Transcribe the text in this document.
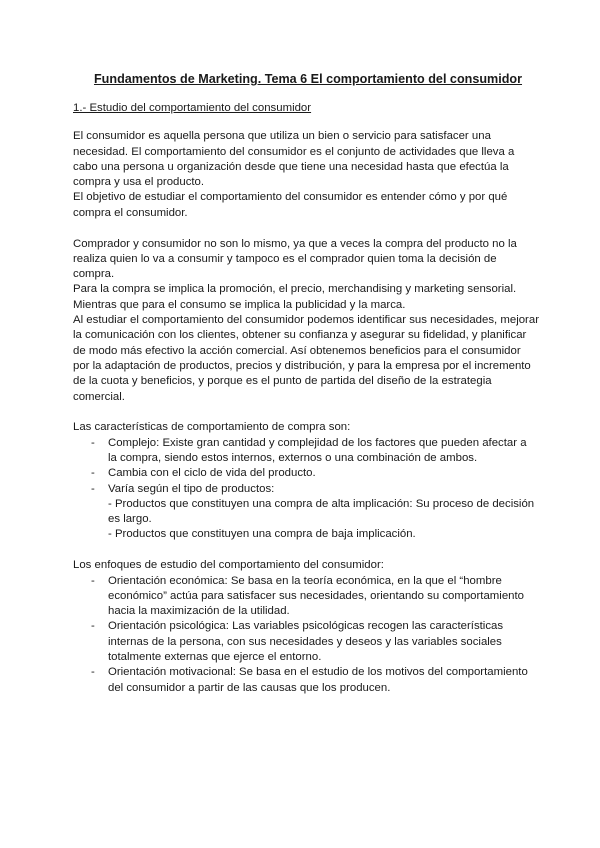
Fundamentos de Marketing. Tema 6 El comportamiento del consumidor
1.- Estudio del comportamiento del consumidor
El consumidor es aquella persona que utiliza un bien o servicio para satisfacer una
necesidad. El comportamiento del consumidor es el conjunto de actividades que lleva a
cabo una persona u organización desde que tiene una necesidad hasta que efectúa la
compra y usa el producto.
El objetivo de estudiar el comportamiento del consumidor es entender cómo y por qué
compra el consumidor.
Comprador y consumidor no son lo mismo, ya que a veces la compra del producto no la
realiza quien lo va a consumir y tampoco es el comprador quien toma la decisión de
compra.
Para la compra se implica la promoción, el precio, merchandising y marketing sensorial.
Mientras que para el consumo se implica la publicidad y la marca.
Al estudiar el comportamiento del consumidor podemos identificar sus necesidades, mejorar
la comunicación con los clientes, obtener su confianza y asegurar su fidelidad, y planificar
de modo más efectivo la acción comercial. Así obtenemos beneficios para el consumidor
por la adaptación de productos, precios y distribución, y para la empresa por el incremento
de la cuota y beneficios, y porque es el punto de partida del diseño de la estrategia
comercial.
Las características de comportamiento de compra son:
- Complejo: Existe gran cantidad y complejidad de los factores que pueden afectar a
la compra, siendo estos internos, externos o una combinación de ambos.
- Cambia con el ciclo de vida del producto.
- Varía según el tipo de productos:
- Productos que constituyen una compra de alta implicación: Su proceso de decisión
es largo.
- Productos que constituyen una compra de baja implicación.
Los enfoques de estudio del comportamiento del consumidor:
- Orientación económica: Se basa en la teoría económica, en la que el “hombre
económico” actúa para satisfacer sus necesidades, orientando su comportamiento
hacia la maximización de la utilidad.
- Orientación psicológica: Las variables psicológicas recogen las características
internas de la persona, con sus necesidades y deseos y las variables sociales
totalmente externas que ejerce el entorno.
- Orientación motivacional: Se basa en el estudio de los motivos del comportamiento
del consumidor a partir de las causas que los producen.
